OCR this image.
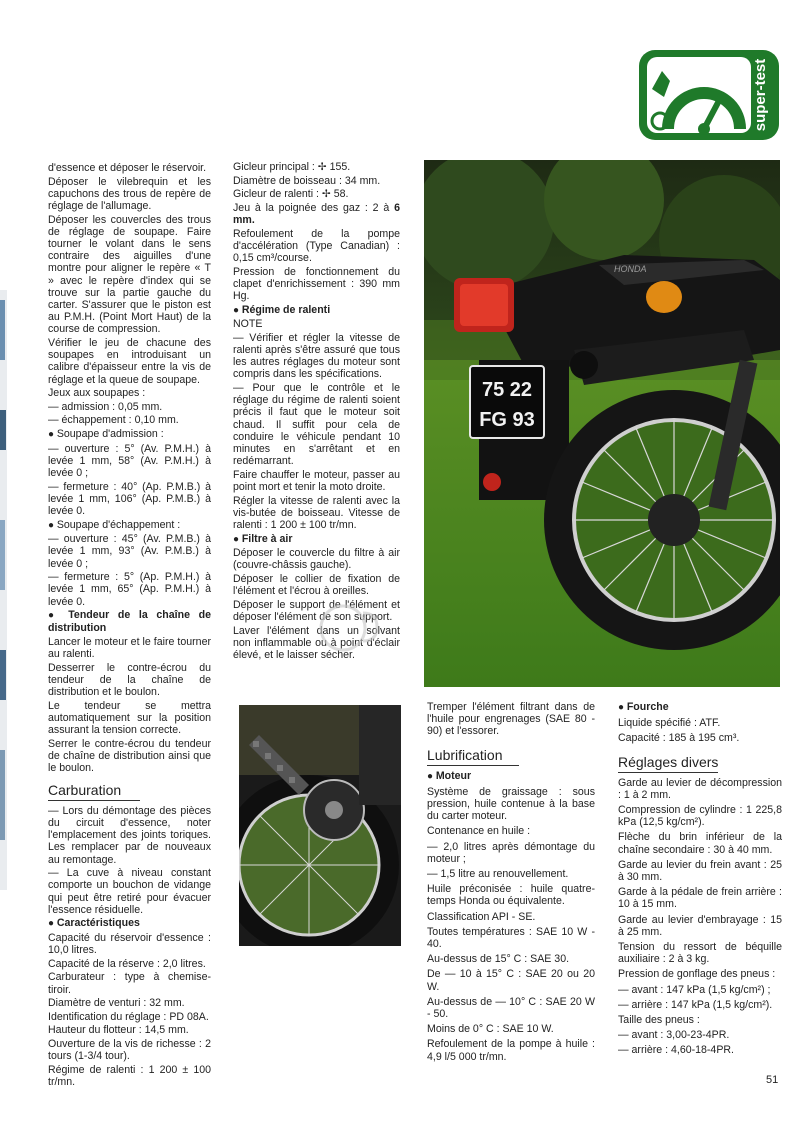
super-test

d'essence et déposer le réservoir.

Déposer le vilebrequin et les capuchons des trous de repère de réglage de l'allumage.

Déposer les couvercles des trous de réglage de soupape. Faire tourner le volant dans le sens contraire des aiguilles d'une montre pour aligner le repère « T » avec le repère d'index qui se trouve sur la partie gauche du carter. S'assurer que le piston est au P.M.H. (Point Mort Haut) de la course de compression.

Vérifier le jeu de chacune des soupapes en introduisant un calibre d'épaisseur entre la vis de réglage et la queue de soupape.

Jeux aux soupapes :

— admission : 0,05 mm.

— échappement : 0,10 mm.

● Soupape d'admission :

— ouverture : 5° (Av. P.M.H.) à levée 1 mm, 58° (Av. P.M.H.) à levée 0 ;

— fermeture : 40° (Ap. P.M.B.) à levée 1 mm, 106° (Ap. P.M.B.) à levée 0.

● Soupape d'échappement :

— ouverture : 45° (Av. P.M.B.) à levée 1 mm, 93° (Av. P.M.B.) à levée 0 ;

— fermeture : 5° (Ap. P.M.H.) à levée 1 mm, 65° (Ap. P.M.H.) à levée 0.

● Tendeur de la chaîne de distribution

Lancer le moteur et le faire tourner au ralenti.

Desserrer le contre-écrou du tendeur de la chaîne de distribution et le boulon.

Le tendeur se mettra automatiquement sur la position assurant la tension correcte.

Serrer le contre-écrou du tendeur de chaîne de distribution ainsi que le boulon.

Carburation

— Lors du démontage des pièces du circuit d'essence, noter l'emplacement des joints toriques. Les remplacer par de nouveaux au remontage.

— La cuve à niveau constant comporte un bouchon de vidange qui peut être retiré pour évacuer l'essence résiduelle.

● Caractéristiques

Capacité du réservoir d'essence : 10,0 litres.

Capacité de la réserve : 2,0 litres.

Carburateur : type à chemise-tiroir.

Diamètre de venturi : 32 mm.

Identification du réglage : PD 08A.

Hauteur du flotteur : 14,5 mm.

Ouverture de la vis de richesse : 2 tours (1-3/4 tour).

Régime de ralenti : 1 200 ± 100 tr/mn.

Gicleur principal : ✢ 155.

Diamètre de boisseau : 34 mm.

Gicleur de ralenti : ✢ 58.

Jeu à la poignée des gaz : 2 à 6 mm.

Refoulement de la pompe d'accélération (Type Canadian) : 0,15 cm³/course.

Pression de fonctionnement du clapet d'enrichissement : 390 mm Hg.

● Régime de ralenti

NOTE

— Vérifier et régler la vitesse de ralenti après s'être assuré que tous les autres réglages du moteur sont compris dans les spécifications.

— Pour que le contrôle et le réglage du régime de ralenti soient précis il faut que le moteur soit chaud. Il suffit pour cela de conduire le véhicule pendant 10 minutes en s'arrêtant et en redémarrant.

Faire chauffer le moteur, passer au point mort et tenir la moto droite.

Régler la vitesse de ralenti avec la vis-butée de boisseau. Vitesse de ralenti : 1 200 ± 100 tr/mn.

● Filtre à air

Déposer le couvercle du filtre à air (couvre-châssis gauche).

Déposer le collier de fixation de l'élément et l'écrou à oreilles.

Déposer le support de l'élément et déposer l'élément de son support.

Laver l'élément dans un solvant non inflammable ou à point d'éclair élevé, et le laisser sécher.

75 22
FG 93
HONDA

Tremper l'élément filtrant dans de l'huile pour engrenages (SAE 80 - 90) et l'essorer.

Lubrification

● Moteur

Système de graissage : sous pression, huile contenue à la base du carter moteur.

Contenance en huile :

— 2,0 litres après démontage du moteur ;

— 1,5 litre au renouvellement.

Huile préconisée : huile quatre-temps Honda ou équivalente.

Classification API - SE.

Toutes températures : SAE 10 W - 40.

Au-dessus de 15° C : SAE 30.

De — 10 à 15° C : SAE 20 ou 20 W.

Au-dessus de — 10° C : SAE 20 W - 50.

Moins de 0° C : SAE 10 W.

Refoulement de la pompe à huile : 4,9 l/5 000 tr/mn.

● Fourche

Liquide spécifié : ATF.

Capacité : 185 à 195 cm³.

Réglages divers

Garde au levier de décompression : 1 à 2 mm.

Compression de cylindre : 1 225,8 kPa (12,5 kg/cm²).

Flèche du brin inférieur de la chaîne secondaire : 30 à 40 mm.

Garde au levier du frein avant : 25 à 30 mm.

Garde à la pédale de frein arrière : 10 à 15 mm.

Garde au levier d'embrayage : 15 à 25 mm.

Tension du ressort de béquille auxiliaire : 2 à 3 kg.

Pression de gonflage des pneus :

— avant : 147 kPa (1,5 kg/cm²) ;

— arrière : 147 kPa (1,5 kg/cm²).

Taille des pneus :

— avant : 3,00-23-4PR.

— arrière : 4,60-18-4PR.

51
